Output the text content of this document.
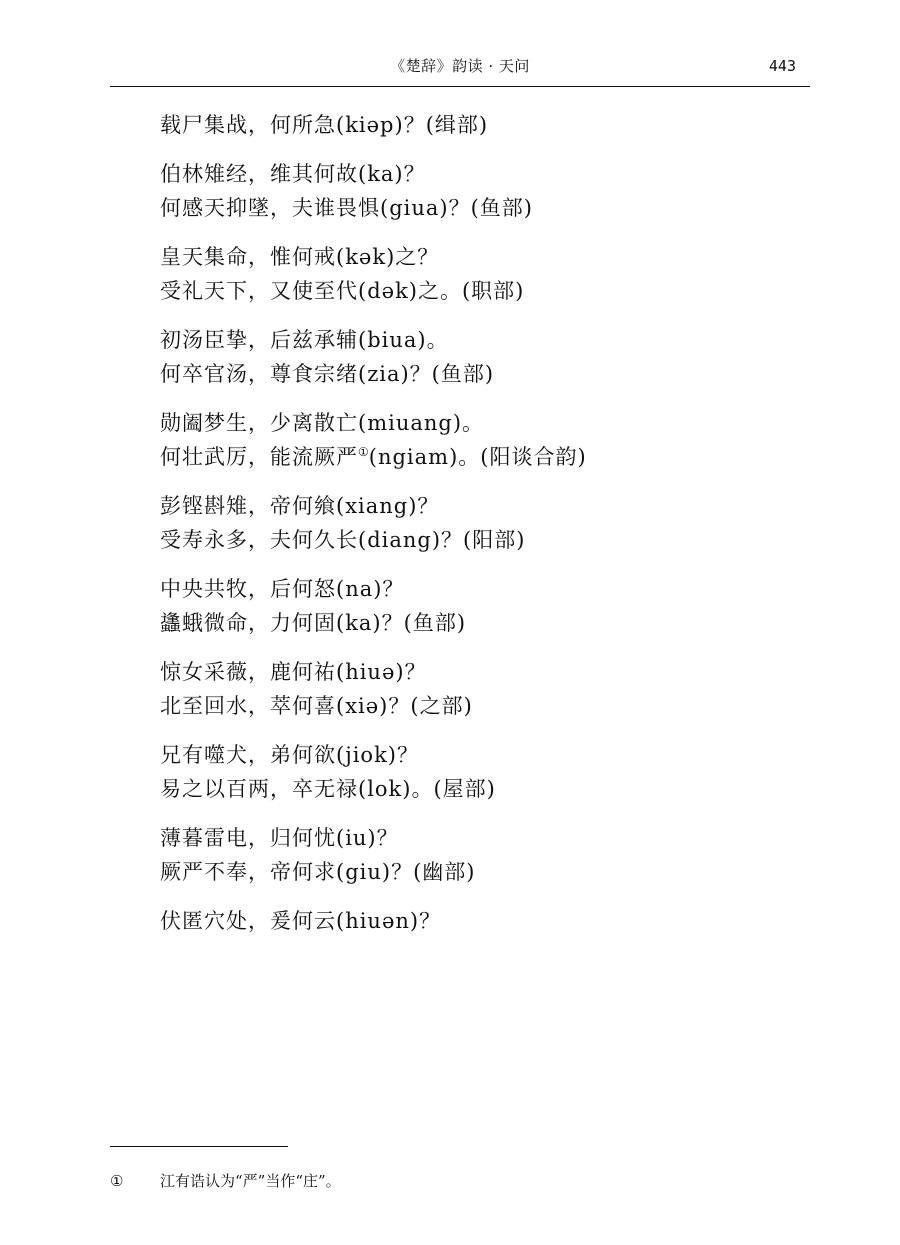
《楚辞》韵读 · 天问	443
载尸集战，何所急(kiəp)？(缉部)
伯林雉经，维其何故(ka)？
何感天抑墜，夫谁畏惧(giua)？(鱼部)
皇天集命，惟何戒(kək)之？
受礼天下，又使至代(dək)之。(职部)
初汤臣挚，后兹承辅(biua)。
何卒官汤，尊食宗绪(zia)？(鱼部)
勋阖梦生，少离散亡(miuang)。
何壮武厉，能流厥严①(ngiam)。(阳谈合韵)
彭铿斟雉，帝何飨(xiang)？
受寿永多，夫何久长(diang)？(阳部)
中央共牧，后何怒(na)？
蠭蛾微命，力何固(ka)？(鱼部)
惊女采薇，鹿何祐(hiuə)？
北至回水，萃何喜(xiə)？(之部)
兄有噬犬，弟何欲(jiok)？
易之以百两，卒无禄(lok)。(屋部)
薄暮雷电，归何忧(iu)？
厥严不奉，帝何求(giu)？(幽部)
伏匿穴处，爰何云(hiuən)？
① 江有诰认为“严”当作“庄”。
